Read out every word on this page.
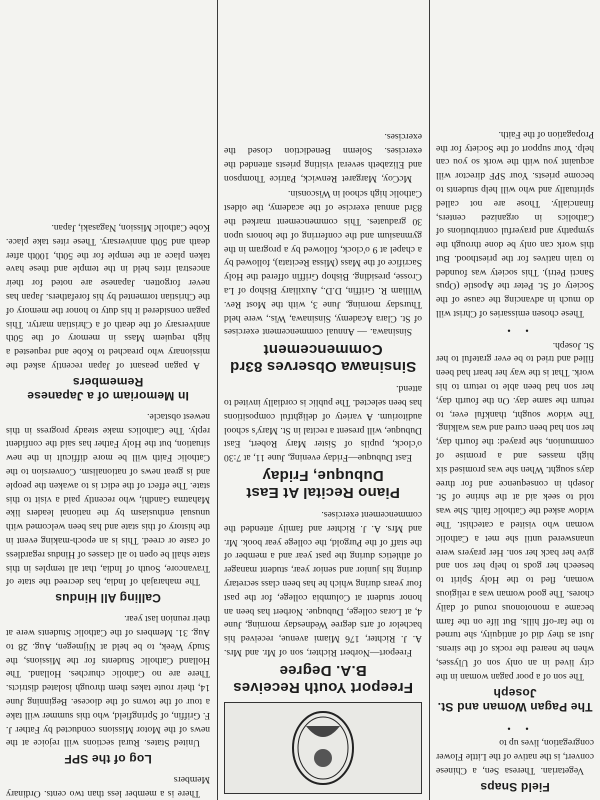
Field Snaps

Vegetarian. Theresa Sen, a Chinese convert, is the native of the Little Flower congregation, lives up to

• •
The Pagan Woman and St. Joseph

The son of a poor pagan woman in the city lived in an only son of Ulysses, when he neared the rocks of the sirens. Just as they did of antiquity, she turned to the far-off hills. But life on the farm became a monotonous round of daily chores. The good woman was a religious woman, fled to the Holy Spirit to beseech her gods to help her son and give her back her son. Her prayers were unanswered until she met a Catholic woman who visited a catechist. The widow asked the Catholic faith. She was told to seek aid at the shrine of St. Joseph in consequence and for three days sought. When she was promised six high masses and a promise of communion, she prayed: the fourth day, her son had been cured and was walking. The widow sought, thankful ever, to return the same day. On the fourth day, her son had been able to return to his work. That is the way her heart had been filled and tried to be ever grateful to her St. Joseph.

• •

These chosen emissaries of Christ will do much in advancing the cause of the Society of St. Peter the Apostle (Opus Sancti Petri). This society was founded to train natives for the priesthood. But this work can only be done through the sympathy and prayerful contributions of Catholics in organized centers, financially. Those are not called spiritually and who will help students to become priests. Your SPF director will acquaint you with the work so you can help. Your support of the Society for the Propagation of the Faith.

Freeport Youth Receives B.A. Degree

Freeport—Norbert Richter, son of Mr. and Mrs. A. J. Richter, 176 Miami avenue, received his bachelor of arts degree Wednesday morning, June 4, at Loras college, Dubuque. Norbert has been an honor student at Columbia college, for the past four years during which he has been class secretary during his junior and senior year, student manager of athletics during the past year and a member of the staff of the Purgold, the college year book. Mr. and Mrs. A. J. Richter and family attended the commencement exercises.

Piano Recital At East Dubuque, Friday

East Dubuque—Friday evening, June 11, at 7:30 o'clock, pupils of Sister Mary Robert, East Dubuque, will present a recital in St. Mary's school auditorium. A variety of delightful compositions has been selected. The public is cordially invited to attend.

Sinsinawa Observes 83rd Commencement

Sinsinawa. — Annual commencement exercises of St. Clara Academy, Sinsinawa, Wis., were held Thursday morning, June 3, with the Most Rev. William R. Griffin, D.D., Auxiliary Bishop of La Crosse, presiding. Bishop Griffin offered the Holy Sacrifice of the Mass (Missa Recitata), followed by a chapel at 9 o'clock, followed by a program in the gymnasium and the conferring of the honors upon 30 graduates. This commencement marked the 83rd annual exercise of the academy, the oldest Catholic high school in Wisconsin.

McCoy, Margaret Renwick, Patrice Thompson and Elizabeth several visiting priests attended the exercises. Solemn Benediction closed the exercises.

There is a member less than two cents. Ordinary Members

Log of the SPF

United States. Rural sections will rejoice at the news of the Motor Missions conducted by Father J. F. Griffin, of Springfield, who this summer will take a tour of the towns of the diocese. Beginning June 14, their route takes them through isolated districts. There are no Catholic churches. Holland. The Holland Catholic Students for the Missions, the Study Week, to be held at Nijmegen, Aug. 28 to Aug. 31. Members of the Catholic Students were at their reunion last year.

Calling All Hindus

The maharajah of India, has decreed the state of Travancore, South of India, that all temples in this state shall be open to all classes of Hindus regardless of caste or creed. This is an epoch-making event in the history of this state and has been welcomed with unusual enthusiasm by the national leaders like Mahatma Gandhi, who recently paid a visit to this state. The effect of the edict is to awaken the people and is great news of nationalism. Conversion to the Catholic Faith will be more difficult in the new situation, but the Holy Father has said the confident reply. The Catholics make steady progress in this newest obstacle.

In Memoriam of a Japanese Remembers

A pagan peasant of Japan recently asked the missionary who preached to Kobe and requested a high requiem Mass in memory of the 50th anniversary of the death of a Christian martyr. This pagan considered it his duty to honor the memory of the Christian tormented by his forefathers. Japan has never forgotten. Japanese are noted for their ancestral rites held in the temple and these have taken place at the temple for the 50th, 100th after death and 50th anniversary. These rites take place. Kobe Catholic Mission, Nagasaki, Japan.
